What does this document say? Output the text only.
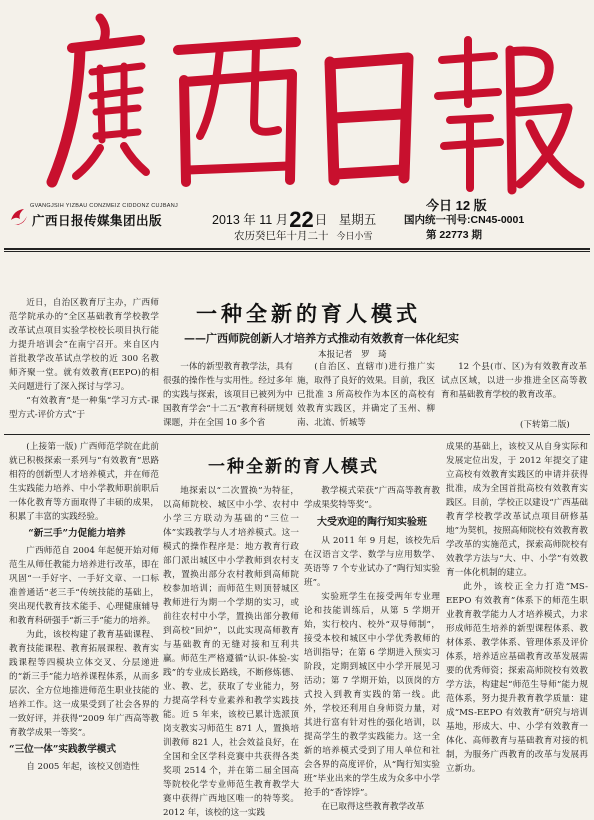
GVANGJSIH YIZBAU CONZMEIZ CIDDONZ CUJBANJ
广西日报传媒集团出版	2013 年 11 月22日 星期五
农历癸巳年十月二十 今日小雪
今日 12 版
国内统一刊号:CN45-0001
第 22773 期

近日，自治区教育厅主办，广西师范学院承办的“全区基础教育学校教学改革试点项目实验学校校长项目执行能力提升培训会”在南宁召开。来自区内首批教学改革试点学校的近 300 名教师齐聚一堂。就有效教育(EEPO)的相关问题进行了深入探讨与学习。

“有效教育”是一种集“学习方式-课型方式-评价方式”于

一种全新的育人模式
——广西师院创新人才培养方式推动有效教育一体化纪实
本报记者　罗　琦

一体的新型教育教学法，具有很强的操作性与实用性。经过多年的实践与探索，该项目已被列为中国教育学会“十二五”教育科研规划课题，并在全国 10 多个省

(自治区、直辖市)进行推广实施，取得了良好的效果。目前，我区已批准 3 所高校作为本区的高校有效教育实践区，并确定了玉州、柳南、北流、忻城等

12 个县(市、区)为有效教育改革试点区域，以进一步推进全区高等教育和基础教育学校的教育改革。

(下转第二版)

(上接第一版) 广西师范学院在此前就已积极探索一系列与“有效教育”思路相符的创新型人才培养模式，并在师范生实践能力培养、中小学教师职前职后一体化教育等方面取得了丰硕的成果，积累了丰富的实践经验。

“新三手”力促能力培养

广西师范自 2004 年起便开始对师范生从师任教能力培养进行改革，即在巩固“一手好字、一手好文章、一口标准普通话”老三手“传统技能的基础上，突出现代教育技术能手、心理健康辅导和教育科研强手“新三手”能力的培养。

为此，该校构建了教育基础课程、教育技能课程、教育拓展课程、教育实践课程等四模块立体交叉、分层递进的“新三手”能力培养课程体系，从而多层次、全方位地推进师范生职业技能的培养工作。这一成果受到了社会各界的一致好评，并获得“2009 年广西高等教育教学成果一等奖”。

“三位一体”实践教学模式

自 2005 年起，该校又创造性

一种全新的育人模式

地探索以“二次置换”为特征，以高师院校、城区中小学、农村中小学三方联动为基础的“三位一体”实践教学与人才培养模式。这一模式的操作程序是：地方教育行政部门派出城区中小学教师到农村支教，置换出部分农村教师到高师院校参加培训；而师范生则顶替城区教师进行为期一个学期的实习，或前往农村中小学，置换出部分教师到高校“回炉”，以此实现高师教育与基础教育的无缝对接和互利共赢。师范生严格遵循“认识-体验-实践”的专业成长路线，不断修炼德、业、教、艺，获取了专业能力，努力提高学科专业素养和教学实践技能。近 5 年来，该校已累计选派顶岗支教实习师范生 871 人，置换培训教师 821 人，社会效益良好，在全国和全区学科竞赛中共获得各类奖项 2514 个，并在第二届全国高等院校化学专业师范生教育教学大赛中获得广西地区唯一的特等奖。2012 年，该校的这一实践

教学模式荣获“广西高等教育教学成果奖特等奖”。

大受欢迎的陶行知实验班

从 2011 年 9 月起，该校先后在汉语言文学、数学与应用数学、英语等 7 个专业试办了“陶行知实验班”。

实验班学生在接受两年专业理论和技能训练后，从第 5 学期开始，实行校内、校外“双导师制”，接受本校和城区中小学优秀教师的培训指导；在第 6 学期进入预实习阶段，定期到城区中小学开展见习活动；第 7 学期开始，以顶岗的方式投入到教育实践的第一线。此外，学校还利用自身师资力量，对其进行富有针对性的强化培训，以提高学生的教学实践能力。这一全新的培养模式受到了用人单位和社会各界的高度评价，从“陶行知实验班”毕业出来的学生成为众多中小学抢手的“香饽饽”。

在已取得这些教育教学改革

成果的基础上，该校又从自身实际和发展定位出发，于 2012 年提交了建立高校有效教育实践区的申请并获得批准，成为全国首批高校有效教育实践区。目前，学校正以建设“广西基础教育学校教学改革试点项目研修基地”为契机，按照高师院校有效教育教学改革的实施范式，探索高师院校有效教学方法与“大、中、小学”有效教育一体化机制的建立。

此外，该校正全力打造“MS-EEPO 有效教育”体系下的师范生职业教育教学能力人才培养模式，力求形成师范生培养的新型课程体系、教材体系、教学体系、管理体系及评价体系，培养适应基础教育改革发展需要的优秀师资；探索高师院校有效教学方法，构建起“师范生导师”能力规范体系，努力提升教育教学质量：建成“MS-EEPO 有效教育”研究与培训基地，形成大、中、小学有效教育一体化、高师教育与基础教育对接的机制，为服务广西教育的改革与发展再立新功。
